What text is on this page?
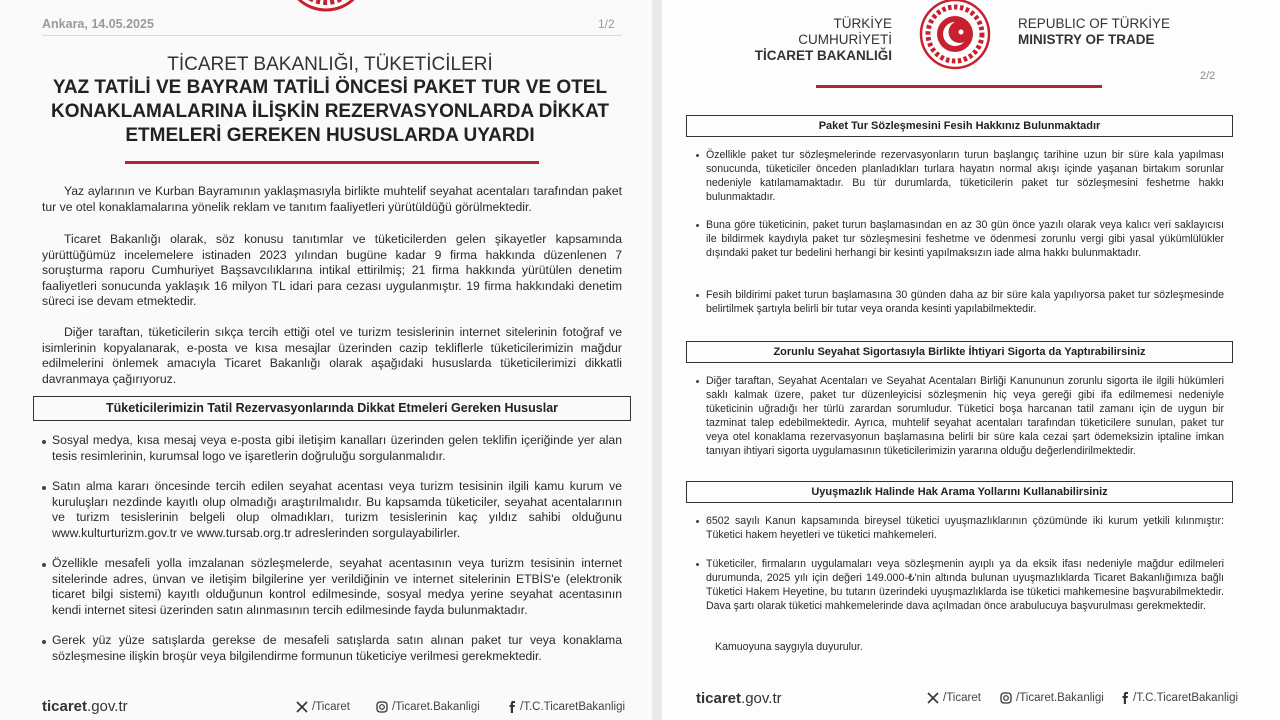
Ankara, 14.05.2025	1/2
TİCARET BAKANLIĞI, TÜKETİCİLERİ
YAZ TATİLİ VE BAYRAM TATİLİ ÖNCESİ PAKET TUR VE OTEL KONAKLAMALARINA İLİŞKİN REZERVASYONLARDA DİKKAT ETMELERİ GEREKEN HUSUSLARDA UYARDI

Yaz aylarının ve Kurban Bayramının yaklaşmasıyla birlikte muhtelif seyahat acentaları tarafından paket tur ve otel konaklamalarına yönelik reklam ve tanıtım faaliyetleri yürütüldüğü görülmektedir.

Ticaret Bakanlığı olarak, söz konusu tanıtımlar ve tüketicilerden gelen şikayetler kapsamında yürüttüğümüz incelemelere istinaden 2023 yılından bugüne kadar 9 firma hakkında düzenlenen 7 soruşturma raporu Cumhuriyet Başsavcılıklarına intikal ettirilmiş; 21 firma hakkında yürütülen denetim faaliyetleri sonucunda yaklaşık 16 milyon TL idari para cezası uygulanmıştır. 19 firma hakkındaki denetim süreci ise devam etmektedir.

Diğer taraftan, tüketicilerin sıkça tercih ettiği otel ve turizm tesislerinin internet sitelerinin fotoğraf ve isimlerinin kopyalanarak, e-posta ve kısa mesajlar üzerinden cazip tekliflerle tüketicilerimizin mağdur edilmelerini önlemek amacıyla Ticaret Bakanlığı olarak aşağıdaki hususlarda tüketicilerimizi dikkatli davranmaya çağırıyoruz.

Tüketicilerimizin Tatil Rezervasyonlarında Dikkat Etmeleri Gereken Hususlar

Sosyal medya, kısa mesaj veya e-posta gibi iletişim kanalları üzerinden gelen teklifin içeriğinde yer alan tesis resimlerinin, kurumsal logo ve işaretlerin doğruluğu sorgulanmalıdır.

Satın alma kararı öncesinde tercih edilen seyahat acentası veya turizm tesisinin ilgili kamu kurum ve kuruluşları nezdinde kayıtlı olup olmadığı araştırılmalıdır. Bu kapsamda tüketiciler, seyahat acentalarının ve turizm tesislerinin belgeli olup olmadıkları, turizm tesislerinin kaç yıldız sahibi olduğunu www.kulturturizm.gov.tr ve www.tursab.org.tr adreslerinden sorgulayabilirler.

Özellikle mesafeli yolla imzalanan sözleşmelerde, seyahat acentasının veya turizm tesisinin internet sitelerinde adres, ünvan ve iletişim bilgilerine yer verildiğinin ve internet sitelerinin ETBİS'e (elektronik ticaret bilgi sistemi) kayıtlı olduğunun kontrol edilmesinde, sosyal medya yerine seyahat acentasının kendi internet sitesi üzerinden satın alınmasının tercih edilmesinde fayda bulunmaktadır.

Gerek yüz yüze satışlarda gerekse de mesafeli satışlarda satın alınan paket tur veya konaklama sözleşmesine ilişkin broşür veya bilgilendirme formunun tüketiciye verilmesi gerekmektedir.

ticaret.gov.tr	/Ticaret	/Ticaret.Bakanligi	/T.C.TicaretBakanligi
TÜRKİYE CUMHURİYETİ
TİCARET BAKANLIĞI
REPUBLIC OF TÜRKİYE
MINISTRY OF TRADE
2/2
Paket Tur Sözleşmesini Fesih Hakkınız Bulunmaktadır

Özellikle paket tur sözleşmelerinde rezervasyonların turun başlangıç tarihine uzun bir süre kala yapılması sonucunda, tüketiciler önceden planladıkları turlara hayatın normal akışı içinde yaşanan birtakım sorunlar nedeniyle katılamamaktadır. Bu tür durumlarda, tüketicilerin paket tur sözleşmesini feshetme hakkı bulunmaktadır.

Buna göre tüketicinin, paket turun başlamasından en az 30 gün önce yazılı olarak veya kalıcı veri saklayıcısı ile bildirmek kaydıyla paket tur sözleşmesini feshetme ve ödenmesi zorunlu vergi gibi yasal yükümlülükler dışındaki paket tur bedelini herhangi bir kesinti yapılmaksızın iade alma hakkı bulunmaktadır.

Fesih bildirimi paket turun başlamasına 30 günden daha az bir süre kala yapılıyorsa paket tur sözleşmesinde belirtilmek şartıyla belirli bir tutar veya oranda kesinti yapılabilmektedir.

Zorunlu Seyahat Sigortasıyla Birlikte İhtiyari Sigorta da Yaptırabilirsiniz

Diğer taraftan, Seyahat Acentaları ve Seyahat Acentaları Birliği Kanununun zorunlu sigorta ile ilgili hükümleri saklı kalmak üzere, paket tur düzenleyicisi sözleşmenin hiç veya gereği gibi ifa edilmemesi nedeniyle tüketicinin uğradığı her türlü zarardan sorumludur. Tüketici boşa harcanan tatil zamanı için de uygun bir tazminat talep edebilmektedir. Ayrıca, muhtelif seyahat acentaları tarafından tüketicilere sunulan, paket tur veya otel konaklama rezervasyonun başlamasına belirli bir süre kala cezai şart ödemeksizin iptaline imkan tanıyan ihtiyari sigorta uygulamasının tüketicilerimizin yararına olduğu değerlendirilmektedir.

Uyuşmazlık Halinde Hak Arama Yollarını Kullanabilirsiniz

6502 sayılı Kanun kapsamında bireysel tüketici uyuşmazlıklarının çözümünde iki kurum yetkili kılınmıştır: Tüketici hakem heyetleri ve tüketici mahkemeleri.

Tüketiciler, firmaların uygulamaları veya sözleşmenin ayıplı ya da eksik ifası nedeniyle mağdur edilmeleri durumunda, 2025 yılı için değeri 149.000-₺'nin altında bulunan uyuşmazlıklarda Ticaret Bakanlığımıza bağlı Tüketici Hakem Heyetine, bu tutarın üzerindeki uyuşmazlıklarda ise tüketici mahkemesine başvurabilmektedir. Dava şartı olarak tüketici mahkemelerinde dava açılmadan önce arabulucuya başvurulması gerekmektedir.

Kamuoyuna saygıyla duyurulur.

ticaret.gov.tr	/Ticaret	/Ticaret.Bakanligi	/T.C.TicaretBakanligi
